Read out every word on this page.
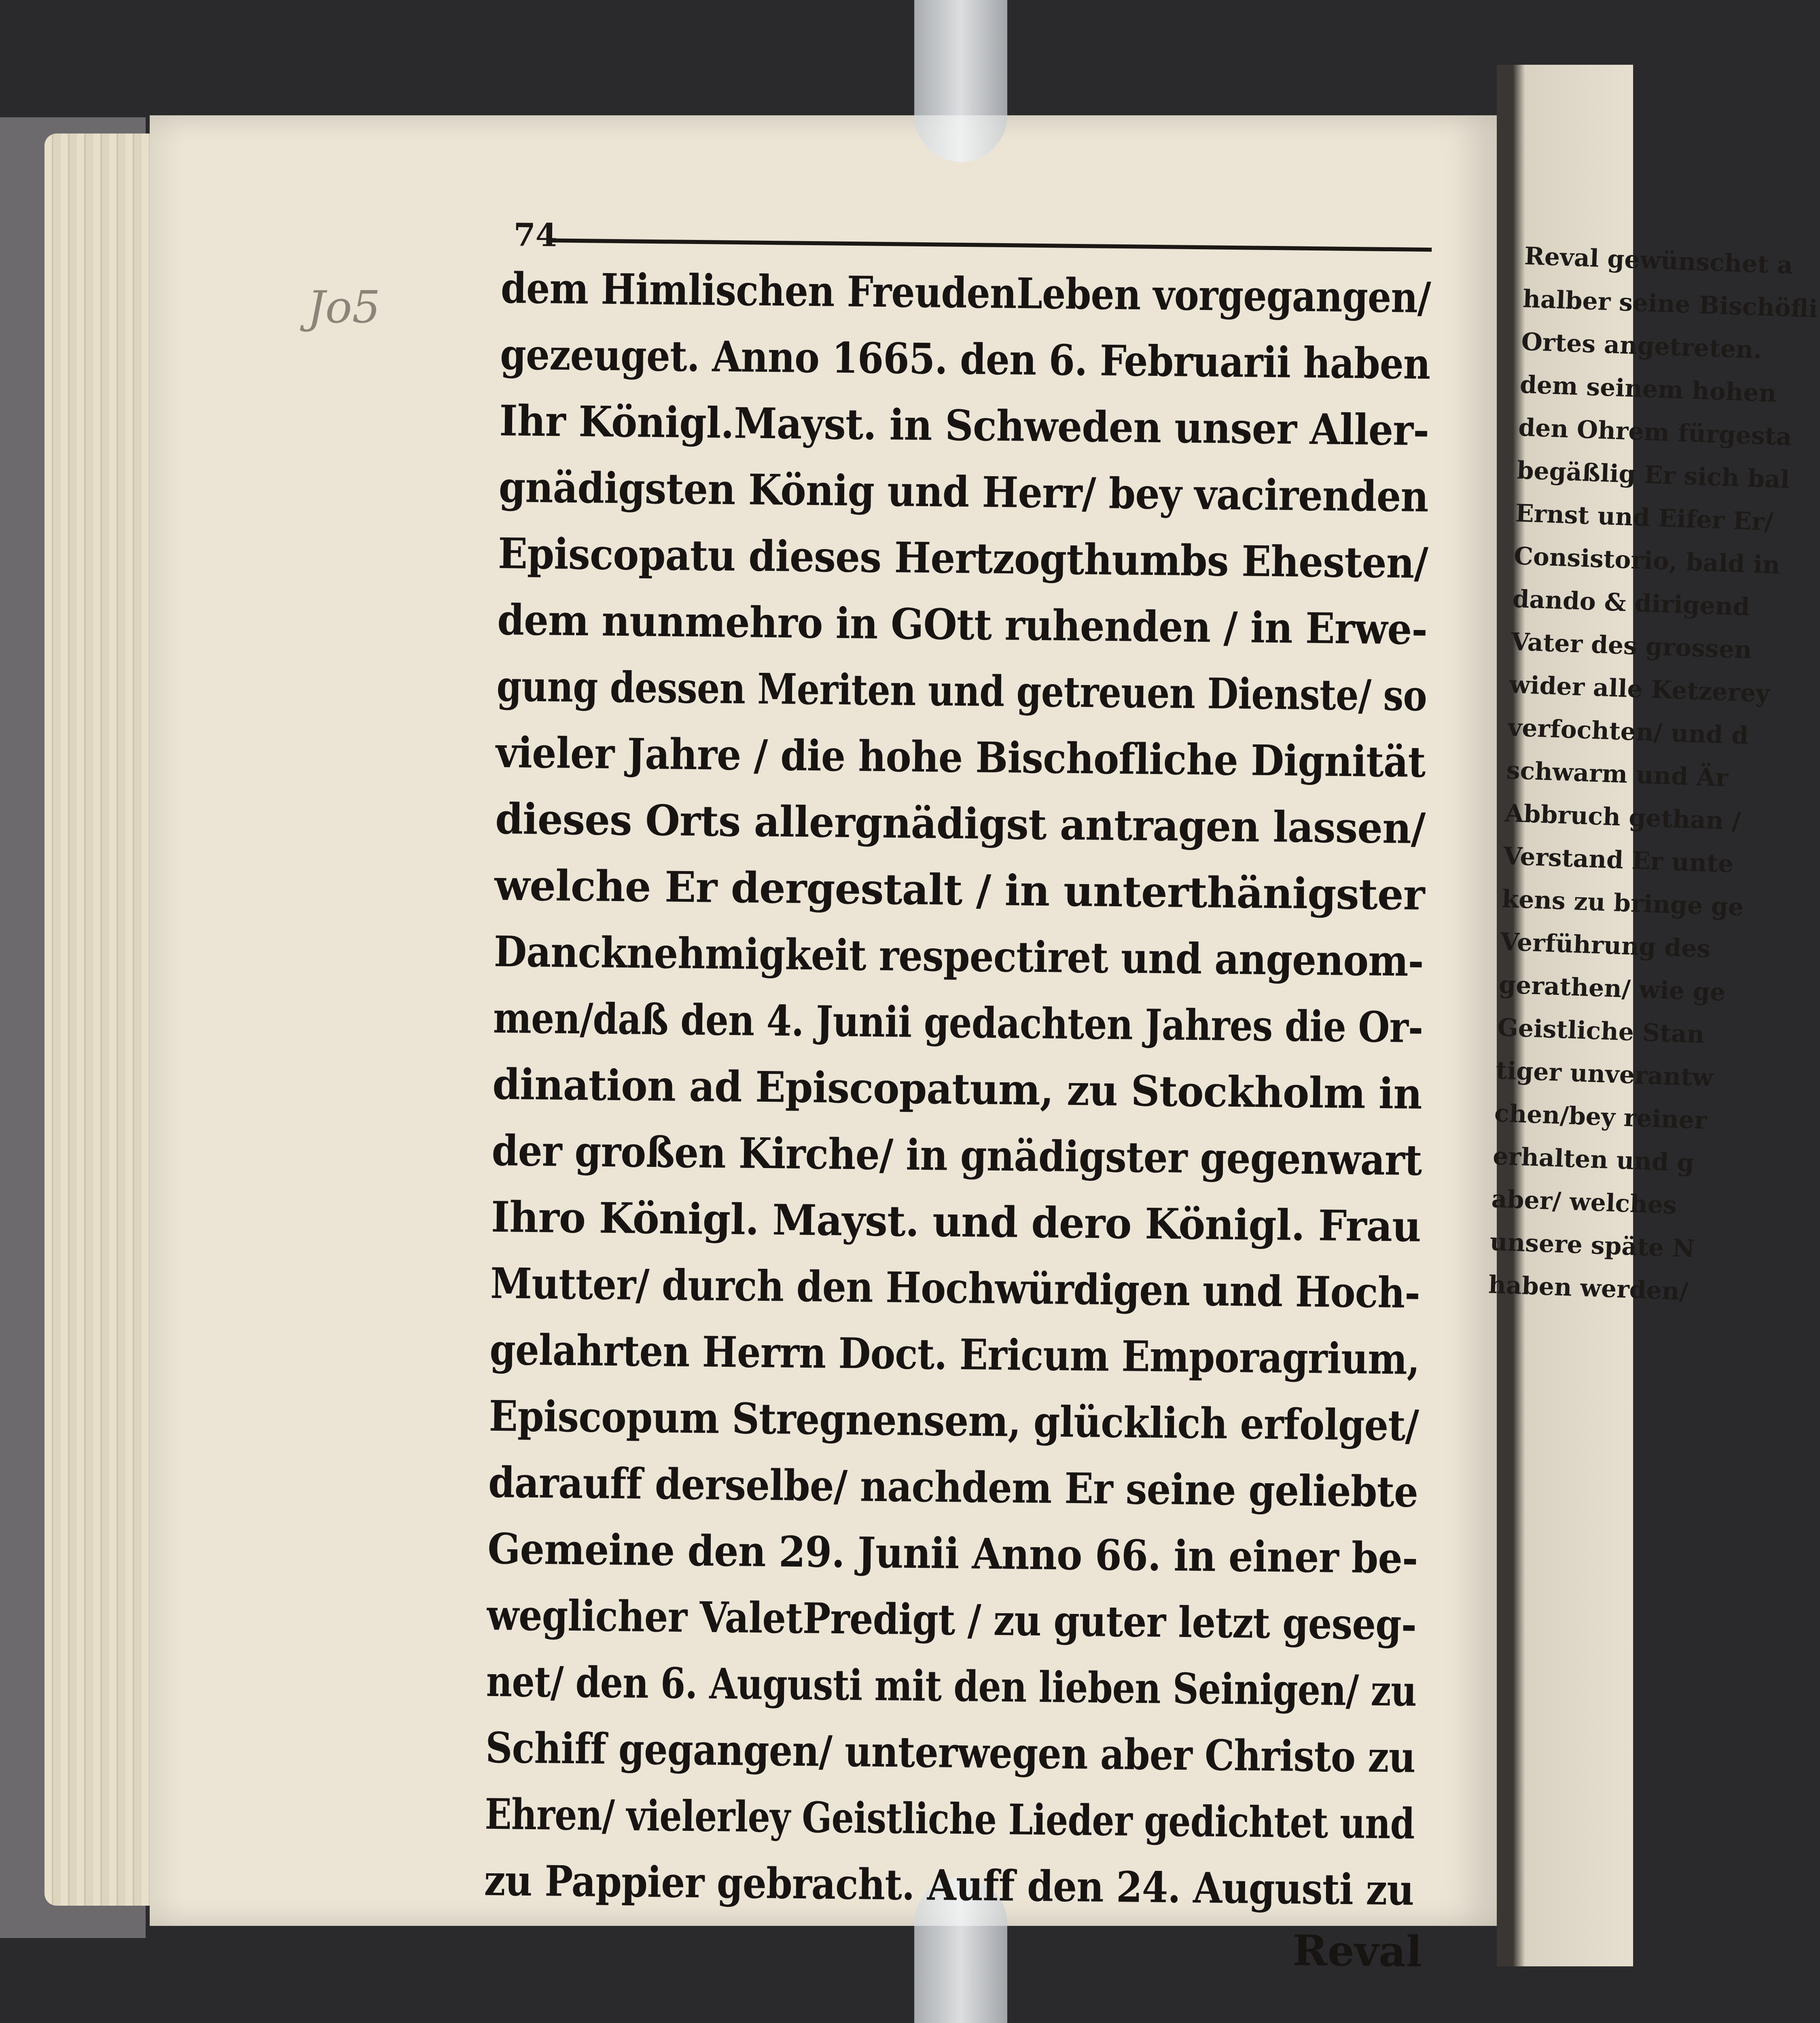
Jo5
Reval gewünschet a
halber seine Bischöfli
Ortes angetreten.
dem seinem hohen
den Ohrem fürgesta
begäßlig Er sich bal
Ernst und Eifer Er/
Consistorio, bald in
dando & dirigend
Vater des grossen
wider alle Ketzerey
verfochten/ und d
schwarm und Är
Abbruch gethan /
Verstand Er unte
kens zu bringe ge
Verführung des
gerathen/ wie ge
Geistliche Stan
tiger unverantw
chen/bey reiner
erhalten und g
aber/ welches
unsere späte N
haben werden/
74
dem Himlischen FreudenLeben vorgegangen/
gezeuget. Anno 1665. den 6. Februarii haben
Ihr Königl.Mayst. in Schweden unser Aller-
gnädigsten König und Herr/ bey vacirenden
Episcopatu dieses Hertzogthumbs Ehesten/
dem nunmehro in GOtt ruhenden / in Erwe-
gung dessen Meriten und getreuen Dienste/ so
vieler Jahre / die hohe Bischofliche Dignität
dieses Orts allergnädigst antragen lassen/
welche Er dergestalt / in unterthänigster
Dancknehmigkeit respectiret und angenom-
men/daß den 4. Junii gedachten Jahres die Or-
dination ad Episcopatum, zu Stockholm in
der großen Kirche/ in gnädigster gegenwart
Ihro Königl. Mayst. und dero Königl. Frau
Mutter/ durch den Hochwürdigen und Hoch-
gelahrten Herrn Doct. Ericum Emporagrium,
Episcopum Stregnensem, glücklich erfolget/
darauff derselbe/ nachdem Er seine geliebte
Gemeine den 29. Junii Anno 66. in einer be-
weglicher ValetPredigt / zu guter letzt geseg-
net/ den 6. Augusti mit den lieben Seinigen/ zu
Schiff gegangen/ unterwegen aber Christo zu
Ehren/ vielerley Geistliche Lieder gedichtet und
zu Pappier gebracht. Auff den 24. Augusti zu
Reval
